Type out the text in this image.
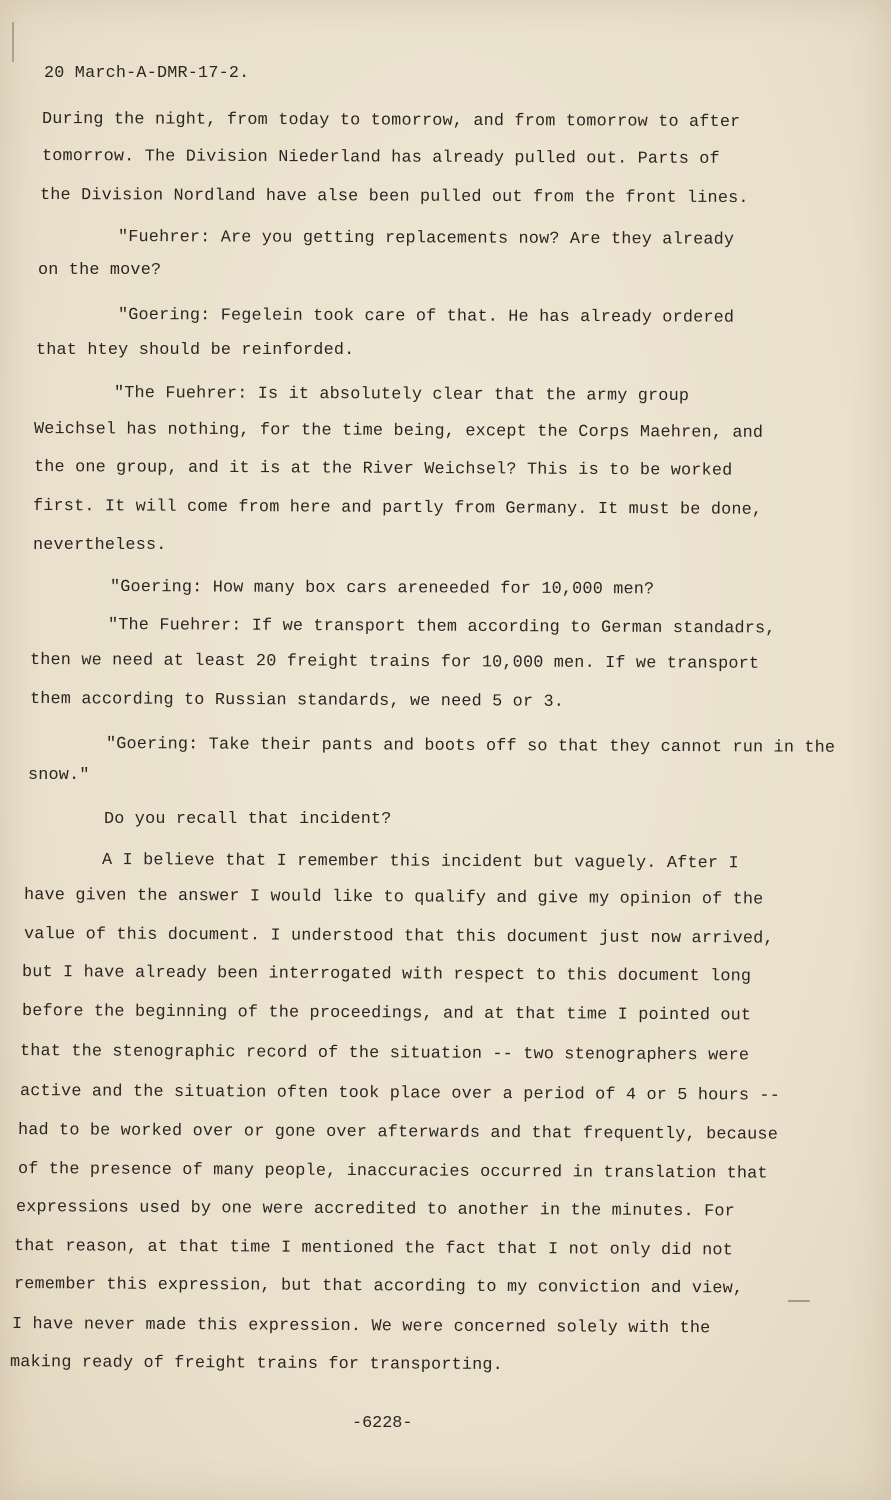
20 March-A-DMR-17-2.
During the night, from today to tomorrow, and from tomorrow to after
tomorrow. The Division Niederland has already pulled out. Parts of
the Division Nordland have alse been pulled out from the front lines.
"Fuehrer: Are you getting replacements now? Are they already
on the move?
"Goering: Fegelein took care of that. He has already ordered
that htey should be reinforded.
"The Fuehrer: Is it absolutely clear that the army group
Weichsel has nothing, for the time being, except the Corps Maehren, and
the one group, and it is at the River Weichsel? This is to be worked
first. It will come from here and partly from Germany. It must be done,
nevertheless.
"Goering: How many box cars areneeded for 10,000 men?
"The Fuehrer: If we transport them according to German standadrs,
then we need at least 20 freight trains for 10,000 men. If we transport
them according to Russian standards, we need 5 or 3.
"Goering: Take their pants and boots off so that they cannot run in the
snow."
Do you recall that incident?
A I believe that I remember this incident but vaguely. After I
have given the answer I would like to qualify and give my opinion of the
value of this document. I understood that this document just now arrived,
but I have already been interrogated with respect to this document long
before the beginning of the proceedings, and at that time I pointed out
that the stenographic record of the situation -- two stenographers were
active and the situation often took place over a period of 4 or 5 hours --
had to be worked over or gone over afterwards and that frequently, because
of the presence of many people, inaccuracies occurred in translation that
expressions used by one were accredited to another in the minutes. For
that reason, at that time I mentioned the fact that I not only did not
remember this expression, but that according to my conviction and view,
I have never made this expression. We were concerned solely with the
making ready of freight trains for transporting.
-6228-
